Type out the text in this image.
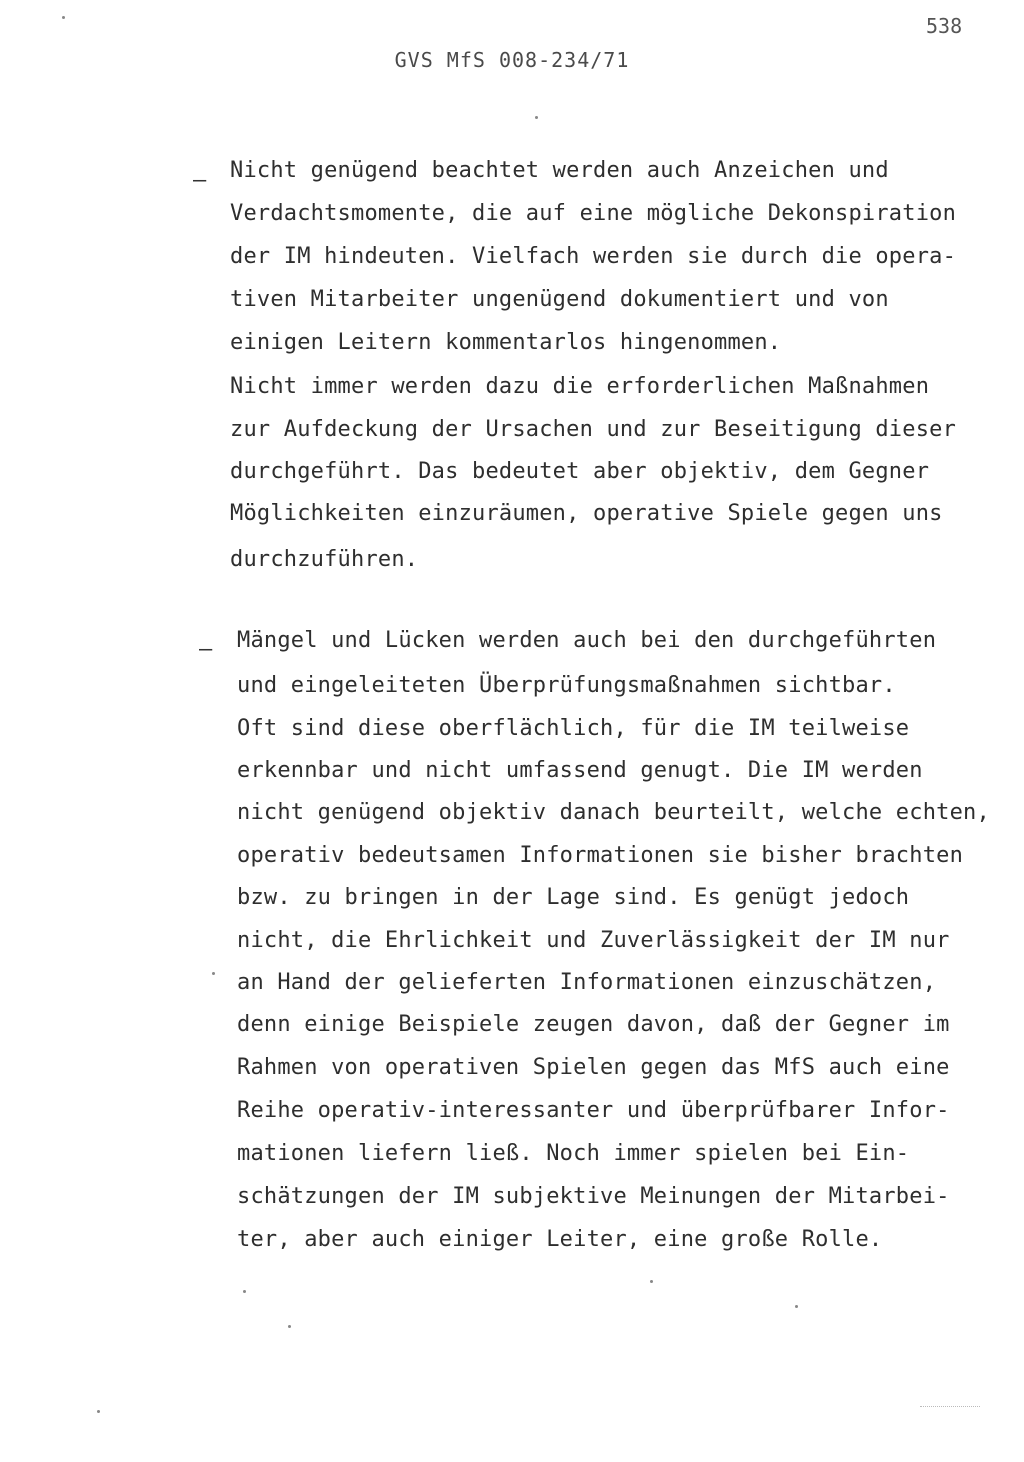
538
GVS MfS 008-234/71
– Nicht genügend beachtet werden auch Anzeichen und
Verdachtsmomente, die auf eine mögliche Dekonspiration
der IM hindeuten. Vielfach werden sie durch die opera-
tiven Mitarbeiter ungenügend dokumentiert und von
einigen Leitern kommentarlos hingenommen.
Nicht immer werden dazu die erforderlichen Maßnahmen
zur Aufdeckung der Ursachen und zur Beseitigung dieser
durchgeführt. Das bedeutet aber objektiv, dem Gegner
Möglichkeiten einzuräumen, operative Spiele gegen uns
durchzuführen.
– Mängel und Lücken werden auch bei den durchgeführten
und eingeleiteten Überprüfungsmaßnahmen sichtbar.
Oft sind diese oberflächlich, für die IM teilweise
erkennbar und nicht umfassend genugt. Die IM werden
nicht genügend objektiv danach beurteilt, welche echten,
operativ bedeutsamen Informationen sie bisher brachten
bzw. zu bringen in der Lage sind. Es genügt jedoch
nicht, die Ehrlichkeit und Zuverlässigkeit der IM nur
an Hand der gelieferten Informationen einzuschätzen,
denn einige Beispiele zeugen davon, daß der Gegner im
Rahmen von operativen Spielen gegen das MfS auch eine
Reihe operativ-interessanter und überprüfbarer Infor-
mationen liefern ließ. Noch immer spielen bei Ein-
schätzungen der IM subjektive Meinungen der Mitarbei-
ter, aber auch einiger Leiter, eine große Rolle.
